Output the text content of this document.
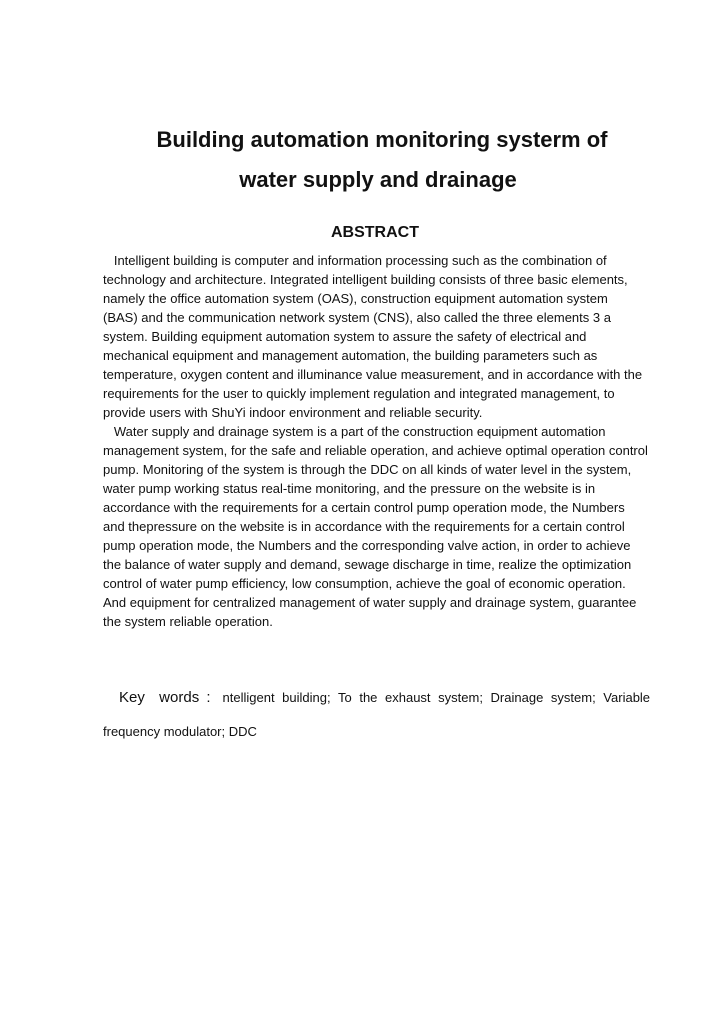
Building automation monitoring systerm of
water supply and drainage
ABSTRACT
Intelligent building is computer and information processing such as the combination of
technology and architecture. Integrated intelligent building consists of three basic elements,
namely the office automation system (OAS), construction equipment automation system
(BAS) and the communication network system (CNS), also called the three elements 3 a
system. Building equipment automation system to assure the safety of electrical and
mechanical equipment and management automation, the building parameters such as
temperature, oxygen content and illuminance value measurement, and in accordance with the
requirements for the user to quickly implement regulation and integrated management, to
provide users with ShuYi indoor environment and reliable security.
Water supply and drainage system is a part of the construction equipment automation
management system, for the safe and reliable operation, and achieve optimal operation control
pump. Monitoring of the system is through the DDC on all kinds of water level in the system,
water pump working status real-time monitoring, and the pressure on the website is in
accordance with the requirements for a certain control pump operation mode, the Numbers
and thepressure on the website is in accordance with the requirements for a certain control
pump operation mode, the Numbers and the corresponding valve action, in order to achieve
the balance of water supply and demand, sewage discharge in time, realize the optimization
control of water pump efficiency, low consumption, achieve the goal of economic operation.
And equipment for centralized management of water supply and drainage system, guarantee
the system reliable operation.
Key  words : ntelligent building; To the exhaust system; Drainage system; Variable
frequency modulator; DDC
